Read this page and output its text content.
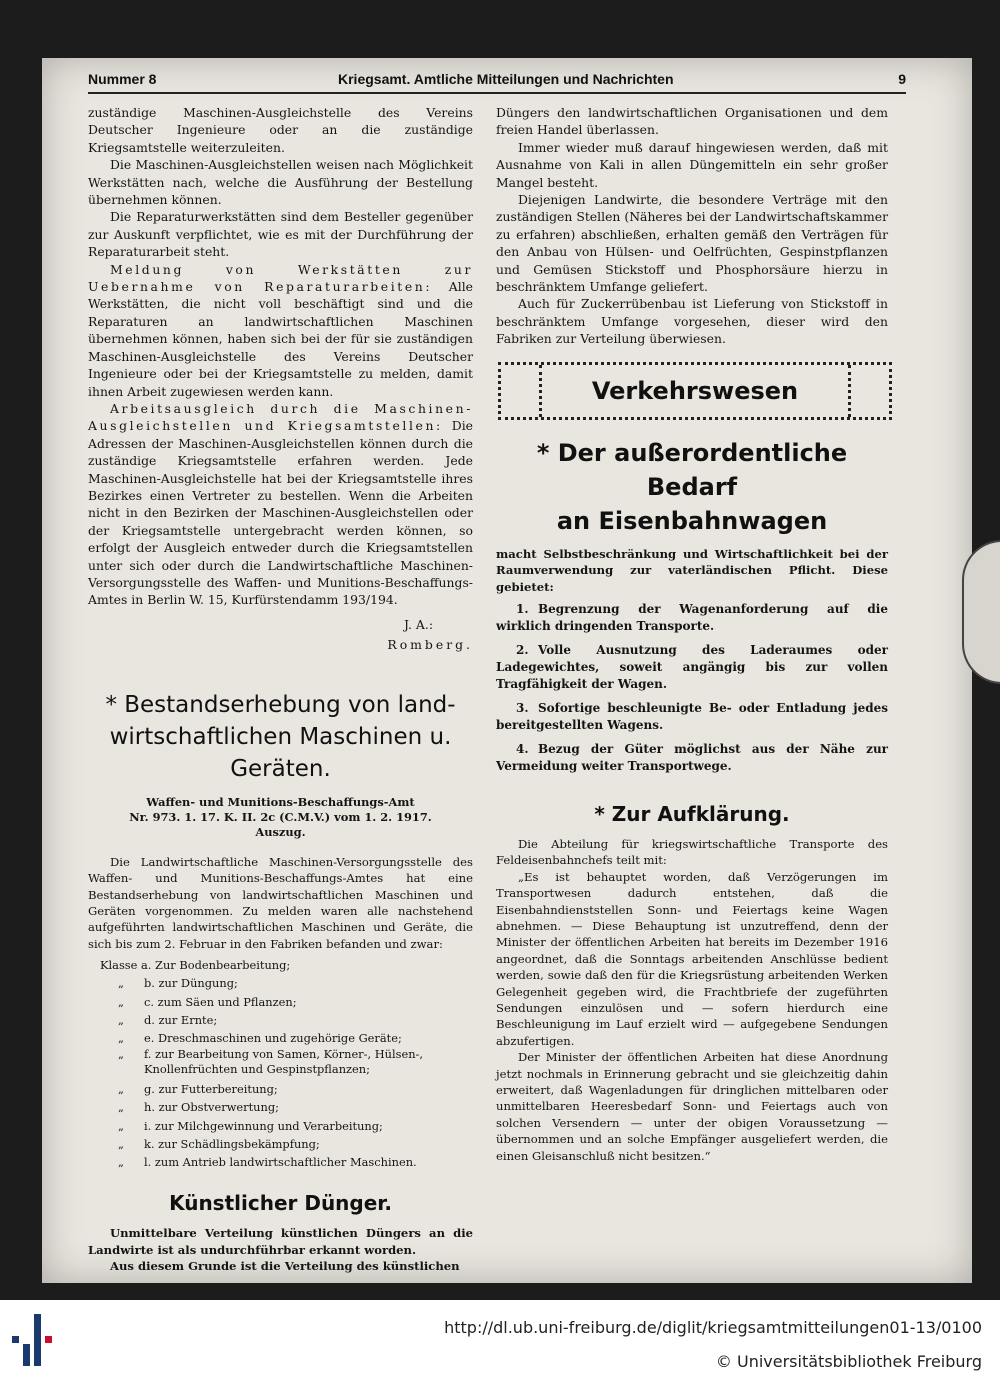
Nummer 8	Kriegsamt. Amtliche Mitteilungen und Nachrichten	9

zuständige Maschinen-Ausgleichstelle des Vereins Deutscher Ingenieure oder an die zuständige Kriegsamtstelle weiterzuleiten.

Die Maschinen-Ausgleichstellen weisen nach Möglichkeit Werkstätten nach, welche die Ausführung der Bestellung übernehmen können.

Die Reparaturwerkstätten sind dem Besteller gegenüber zur Auskunft verpflichtet, wie es mit der Durchführung der Reparaturarbeit steht.

Meldung von Werkstätten zur Uebernahme von Reparaturarbeiten: Alle Werkstätten, die nicht voll beschäftigt sind und die Reparaturen an landwirtschaftlichen Maschinen übernehmen können, haben sich bei der für sie zuständigen Maschinen-Ausgleichstelle des Vereins Deutscher Ingenieure oder bei der Kriegsamtstelle zu melden, damit ihnen Arbeit zugewiesen werden kann.

Arbeitsausgleich durch die Maschinen-Ausgleichstellen und Kriegsamtstellen: Die Adressen der Maschinen-Ausgleichstellen können durch die zuständige Kriegsamtstelle erfahren werden. Jede Maschinen-Ausgleichstelle hat bei der Kriegsamtstelle ihres Bezirkes einen Vertreter zu bestellen. Wenn die Arbeiten nicht in den Bezirken der Maschinen-Ausgleichstellen oder der Kriegsamtstelle untergebracht werden können, so erfolgt der Ausgleich entweder durch die Kriegsamtstellen unter sich oder durch die Landwirtschaftliche Maschinen-Versorgungsstelle des Waffen- und Munitions-Beschaffungs-Amtes in Berlin W. 15, Kurfürstendamm 193/194.

J. A.:
Romberg.
* Bestandserhebung von land-
wirtschaftlichen Maschinen u. Geräten.
Waffen- und Munitions-Beschaffungs-Amt
Nr. 973. 1. 17. K. II. 2c (C.M.V.) vom 1. 2. 1917.
Auszug.

Die Landwirtschaftliche Maschinen-Versorgungsstelle des Waffen- und Munitions-Beschaffungs-Amtes hat eine Bestandserhebung von landwirtschaftlichen Maschinen und Geräten vorgenommen. Zu melden waren alle nachstehend aufgeführten landwirtschaftlichen Maschinen und Geräte, die sich bis zum 2. Februar in den Fabriken befanden und zwar:

Klasse a. Zur Bodenbearbeitung;
„ b. zur Düngung;
„ c. zum Säen und Pflanzen;
„ d. zur Ernte;
„ e. Dreschmaschinen und zugehörige Geräte;
„ f. zur Bearbeitung von Samen, Körner-, Hülsen-, Knollenfrüchten und Gespinstpflanzen;
„ g. zur Futterbereitung;
„ h. zur Obstverwertung;
„ i. zur Milchgewinnung und Verarbeitung;
„ k. zur Schädlingsbekämpfung;
„ l. zum Antrieb landwirtschaftlicher Maschinen.
Künstlicher Dünger.

Unmittelbare Verteilung künstlichen Düngers an die Landwirte ist als undurchführbar erkannt worden.

Aus diesem Grunde ist die Verteilung des künstlichen

Düngers den landwirtschaftlichen Organisationen und dem freien Handel überlassen.

Immer wieder muß darauf hingewiesen werden, daß mit Ausnahme von Kali in allen Düngemitteln ein sehr großer Mangel besteht.

Diejenigen Landwirte, die besondere Verträge mit den zuständigen Stellen (Näheres bei der Landwirtschaftskammer zu erfahren) abschließen, erhalten gemäß den Verträgen für den Anbau von Hülsen- und Oelfrüchten, Gespinstpflanzen und Gemüsen Stickstoff und Phosphorsäure hierzu in beschränktem Umfange geliefert.

Auch für Zuckerrübenbau ist Lieferung von Stickstoff in beschränktem Umfange vorgesehen, dieser wird den Fabriken zur Verteilung überwiesen.

Verkehrswesen
* Der außerordentliche Bedarf
an Eisenbahnwagen

macht Selbstbeschränkung und Wirtschaftlichkeit bei der Raumverwendung zur vaterländischen Pflicht. Diese gebietet:

1. Begrenzung der Wagenanforderung auf die wirklich dringenden Transporte.
2. Volle Ausnutzung des Laderaumes oder Ladegewichtes, soweit angängig bis zur vollen Tragfähigkeit der Wagen.
3. Sofortige beschleunigte Be- oder Entladung jedes bereitgestellten Wagens.
4. Bezug der Güter möglichst aus der Nähe zur Vermeidung weiter Transportwege.
* Zur Aufklärung.

Die Abteilung für kriegswirtschaftliche Transporte des Feldeisenbahnchefs teilt mit:

„Es ist behauptet worden, daß Verzögerungen im Transportwesen dadurch entstehen, daß die Eisenbahndienststellen Sonn- und Feiertags keine Wagen abnehmen. — Diese Behauptung ist unzutreffend, denn der Minister der öffentlichen Arbeiten hat bereits im Dezember 1916 angeordnet, daß die Sonntags arbeitenden Anschlüsse bedient werden, sowie daß den für die Kriegsrüstung arbeitenden Werken Gelegenheit gegeben wird, die Frachtbriefe der zugeführten Sendungen einzulösen und — sofern hierdurch eine Beschleunigung im Lauf erzielt wird — aufgegebene Sendungen abzufertigen.

Der Minister der öffentlichen Arbeiten hat diese Anordnung jetzt nochmals in Erinnerung gebracht und sie gleichzeitig dahin erweitert, daß Wagenladungen für dringlichen mittelbaren oder unmittelbaren Heeresbedarf Sonn- und Feiertags auch von solchen Versendern — unter der obigen Voraussetzung — übernommen und an solche Empfänger ausgeliefert werden, die einen Gleisanschluß nicht besitzen.“

http://dl.ub.uni-freiburg.de/diglit/kriegsamtmitteilungen01-13/0100
© Universitätsbibliothek Freiburg
